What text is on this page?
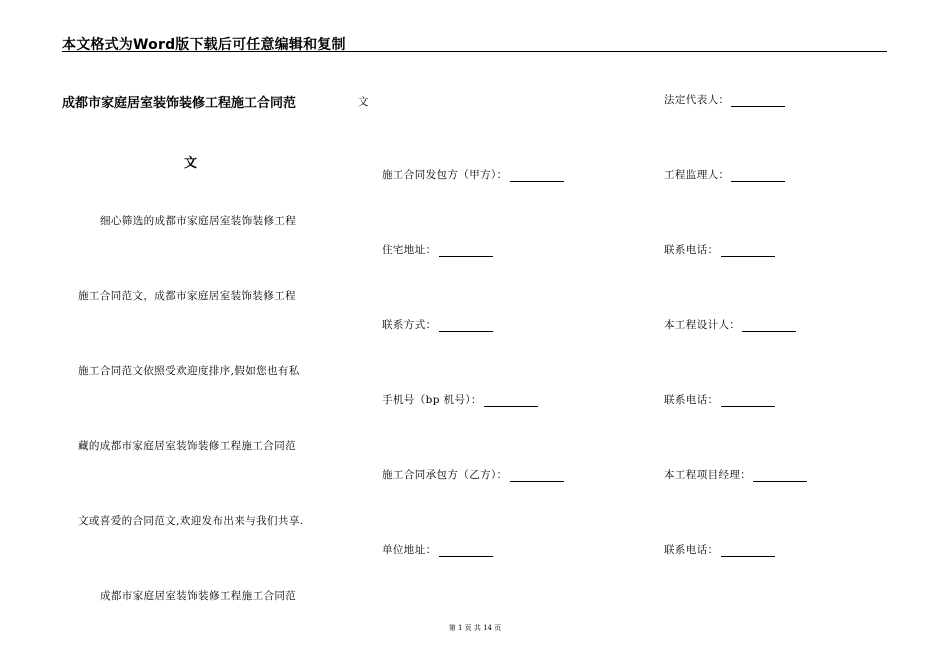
本文格式为Word版下载后可任意编辑和复制
成都市家庭居室装饰装修工程施工合同范
文
细心筛选的成都市家庭居室装饰装修工程
施工合同范文，成都市家庭居室装饰装修工程
施工合同范文依照受欢迎度排序,假如您也有私
藏的成都市家庭居室装饰装修工程施工合同范
文或喜爱的合同范文,欢迎发布出来与我们共享.
成都市家庭居室装饰装修工程施工合同范
文
施工合同发包方（甲方）：
住宅地址：
联系方式：
手机号（bp 机号）：
施工合同承包方（乙方）：
单位地址：
法定代表人：
工程监理人：
联系电话：
本工程设计人：
联系电话：
本工程项目经理：
联系电话：
第 1 页 共 14 页
